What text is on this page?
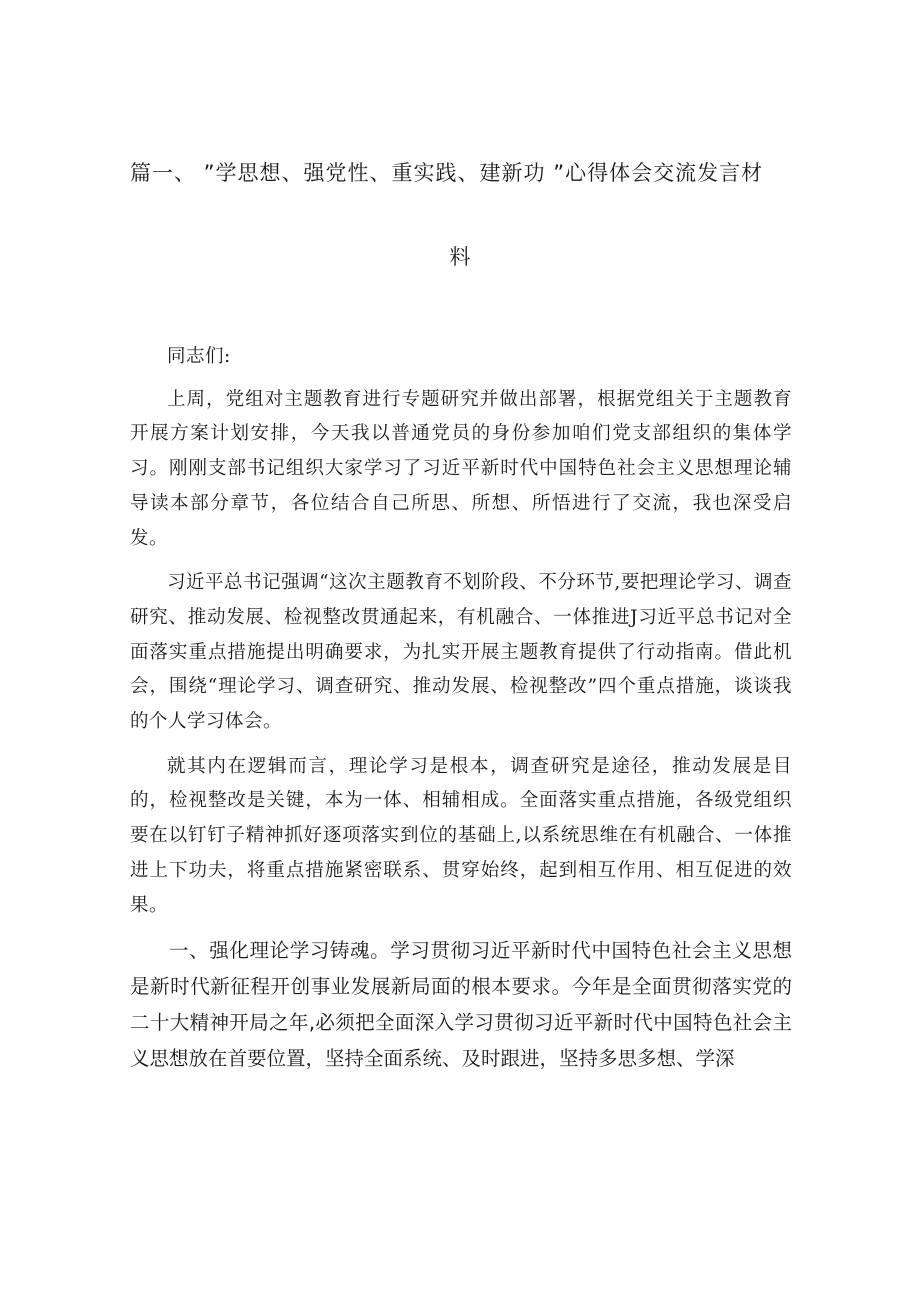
篇一、 ”学思想、强党性、重实践、建新功 ”心得体会交流发言材
料

同志们:

上周，党组对主题教育进行专题研究并做出部署，根据党组关于主题教育开展方案计划安排，今天我以普通党员的身份参加咱们党支部组织的集体学习。刚刚支部书记组织大家学习了习近平新时代中国特色社会主义思想理论辅导读本部分章节，各位结合自己所思、所想、所悟进行了交流，我也深受启发。

习近平总书记强调“这次主题教育不划阶段、不分环节,要把理论学习、调查研究、推动发展、检视整改贯通起来，有机融合、一体推进J习近平总书记对全面落实重点措施提出明确要求，为扎实开展主题教育提供了行动指南。借此机会，围绕“理论学习、调查研究、推动发展、检视整改”四个重点措施，谈谈我的个人学习体会。

就其内在逻辑而言，理论学习是根本，调查研究是途径，推动发展是目的，检视整改是关键，本为一体、相辅相成。全面落实重点措施，各级党组织要在以钉钉子精神抓好逐项落实到位的基础上,以系统思维在有机融合、一体推进上下功夫，将重点措施紧密联系、贯穿始终，起到相互作用、相互促进的效果。

一、强化理论学习铸魂。学习贯彻习近平新时代中国特色社会主义思想是新时代新征程开创事业发展新局面的根本要求。今年是全面贯彻落实党的二十大精神开局之年,必须把全面深入学习贯彻习近平新时代中国特色社会主义思想放在首要位置，坚持全面系统、及时跟进，坚持多思多想、学深
